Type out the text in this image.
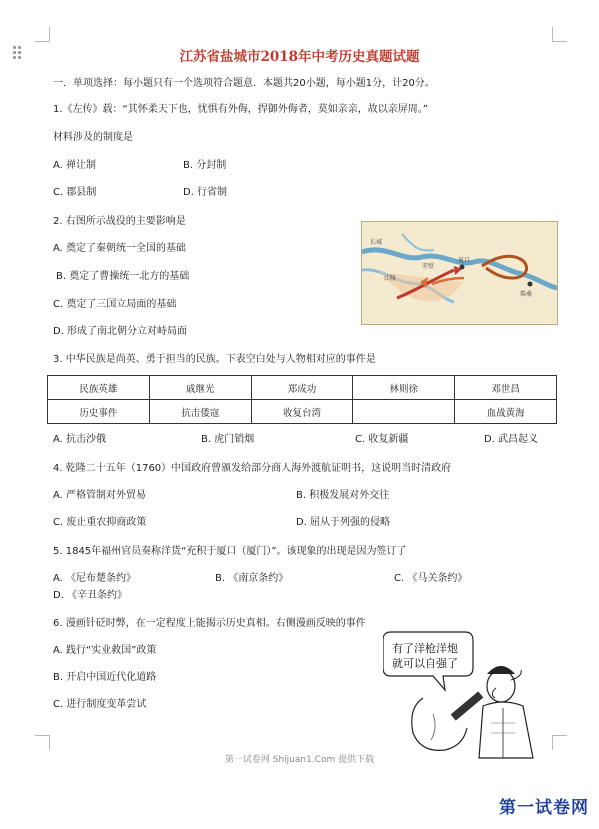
江苏省盐城市2018年中考历史真题试题
一．单项选择：每小题只有一个选项符合题意．本题共20小题，每小题1分，计20分。
1.《左传》载：“其怀柔天下也，忧惧有外侮，捍御外侮者，莫如亲亲，故以亲屏周。”
材料涉及的制度是
A. 禅让制	B. 分封制
C. 郡县制	D. 行省制
2. 右图所示战役的主要影响是
A. 奠定了秦朝统一全国的基础
B. 奠定了曹操统一北方的基础
C. 奠定了三国立局面的基础
D. 形成了南北朝分立对峙局面
长城
赤壁
江陵
夏口
柴桑
3. 中华民族是尚英、勇于担当的民族。下表空白处与人物相对应的事件是
民族英雄	戚继光	郑成功	林则徐	邓世昌
历史事件	抗击倭寇	收复台湾		血战黄海
A. 抗击沙俄	B. 虎门销烟	C. 收复新疆	D. 武昌起义
4. 乾隆二十五年（1760）中国政府曾颁发给部分商人海外渡航证明书，这说明当时清政府
A. 严格管制对外贸易	B. 积极发展对外交往
C. 废止重农抑商政策	D. 屈从于列强的侵略
5. 1845年福州官员奏称洋货“充积于厦口（厦门）”。该现象的出现是因为签订了
A. 《尼布楚条约》	B. 《南京条约》	C. 《马关条约》
D. 《辛丑条约》
6. 漫画针砭时弊，在一定程度上能揭示历史真相。右侧漫画反映的事件
A. 践行“实业救国”政策
B. 开启中国近代化道路
C. 进行制度变革尝试
有了洋枪洋炮
就可以自强了
第一试卷网 Shijuan1.Com 提供下载
第一试卷网
